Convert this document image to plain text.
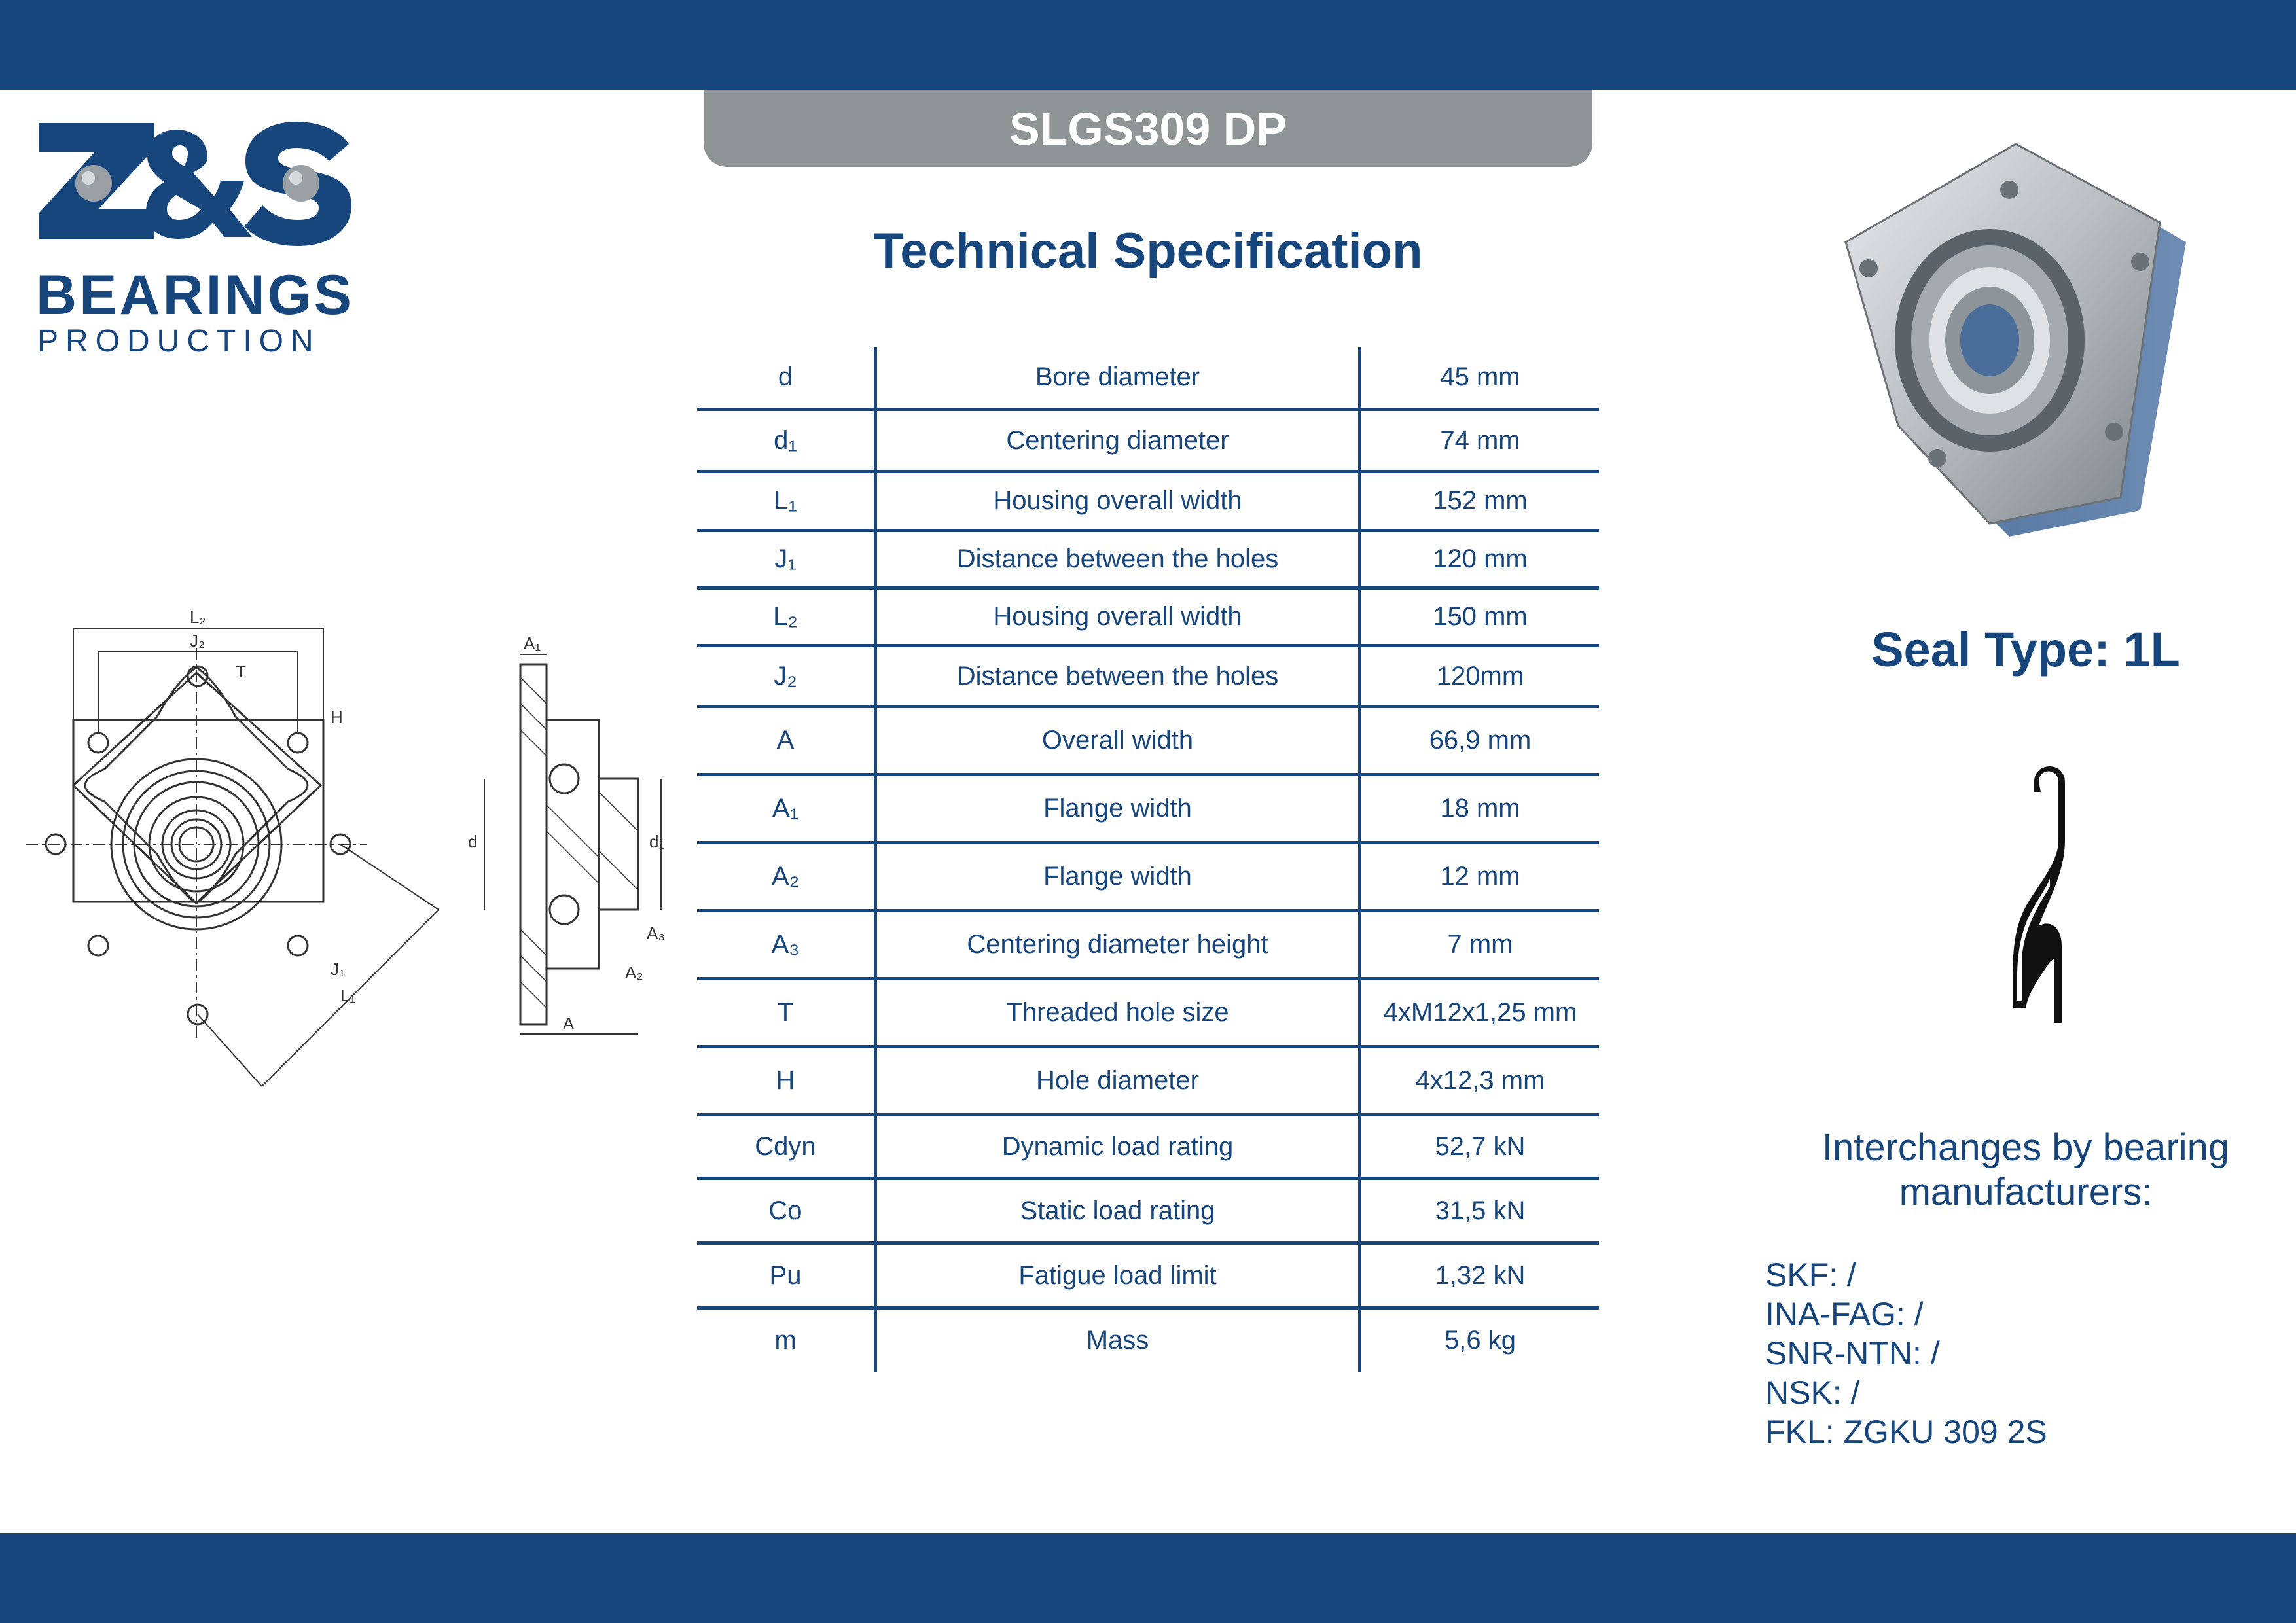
BEARINGS
PRODUCTION
SLGS309 DP
Technical Specification
d	Bore diameter	45 mm
d₁	Centering diameter	74 mm
L₁	Housing overall width	152 mm
J₁	Distance between the holes	120 mm
L₂	Housing overall width	150 mm
J₂	Distance between the holes	120mm
A	Overall width	66,9 mm
A₁	Flange width	18 mm
A₂	Flange width	12 mm
A₃	Centering diameter height	7 mm
T	Threaded hole size	4xM12x1,25 mm
H	Hole diameter	4x12,3 mm
Cdyn	Dynamic load rating	52,7 kN
Co	Static load rating	31,5 kN
Pu	Fatigue load limit	1,32 kN
m	Mass	5,6 kg
L₂
J₂
T
H
J₁
L₁
A₁
A₃
A₂
A
d	d₁
Seal Type: 1L
Interchanges by bearing
manufacturers:
SKF: /
INA-FAG: /
SNR-NTN: /
NSK: /
FKL: ZGKU 309 2S
